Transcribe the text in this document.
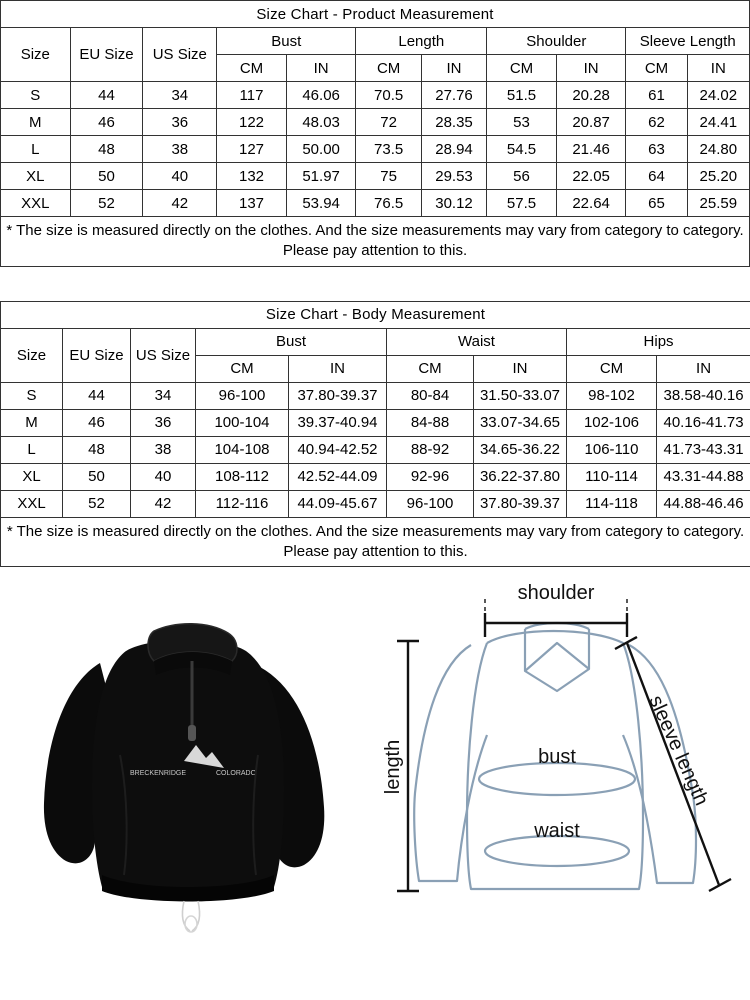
Size Chart - Product Measurement										
Size	EU Size	US Size	Bust		Length		Shoulder		Sleeve Length	
			CM	IN	CM	IN	CM	IN	CM	IN
S	44	34	117	46.06	70.5	27.76	51.5	20.28	61	24.02
M	46	36	122	48.03	72	28.35	53	20.87	62	24.41
L	48	38	127	50.00	73.5	28.94	54.5	21.46	63	24.80
XL	50	40	132	51.97	75	29.53	56	22.05	64	25.20
XXL	52	42	137	53.94	76.5	30.12	57.5	22.64	65	25.59
* The size is measured directly on the clothes. And the size measurements may vary from category to category. Please pay attention to this.										
Size Chart - Body Measurement								
Size	EU Size	US Size	Bust		Waist		Hips	
			CM	IN	CM	IN	CM	IN
S	44	34	96-100	37.80-39.37	80-84	31.50-33.07	98-102	38.58-40.16
M	46	36	100-104	39.37-40.94	84-88	33.07-34.65	102-106	40.16-41.73
L	48	38	104-108	40.94-42.52	88-92	34.65-36.22	106-110	41.73-43.31
XL	50	40	108-112	42.52-44.09	92-96	36.22-37.80	110-114	43.31-44.88
XXL	52	42	112-116	44.09-45.67	96-100	37.80-39.37	114-118	44.88-46.46
* The size is measured directly on the clothes. And the size measurements may vary from category to category. Please pay attention to this.								
BRECKENRIDGE	COLORADO
shoulder
length	sleeve length
bust
waist
